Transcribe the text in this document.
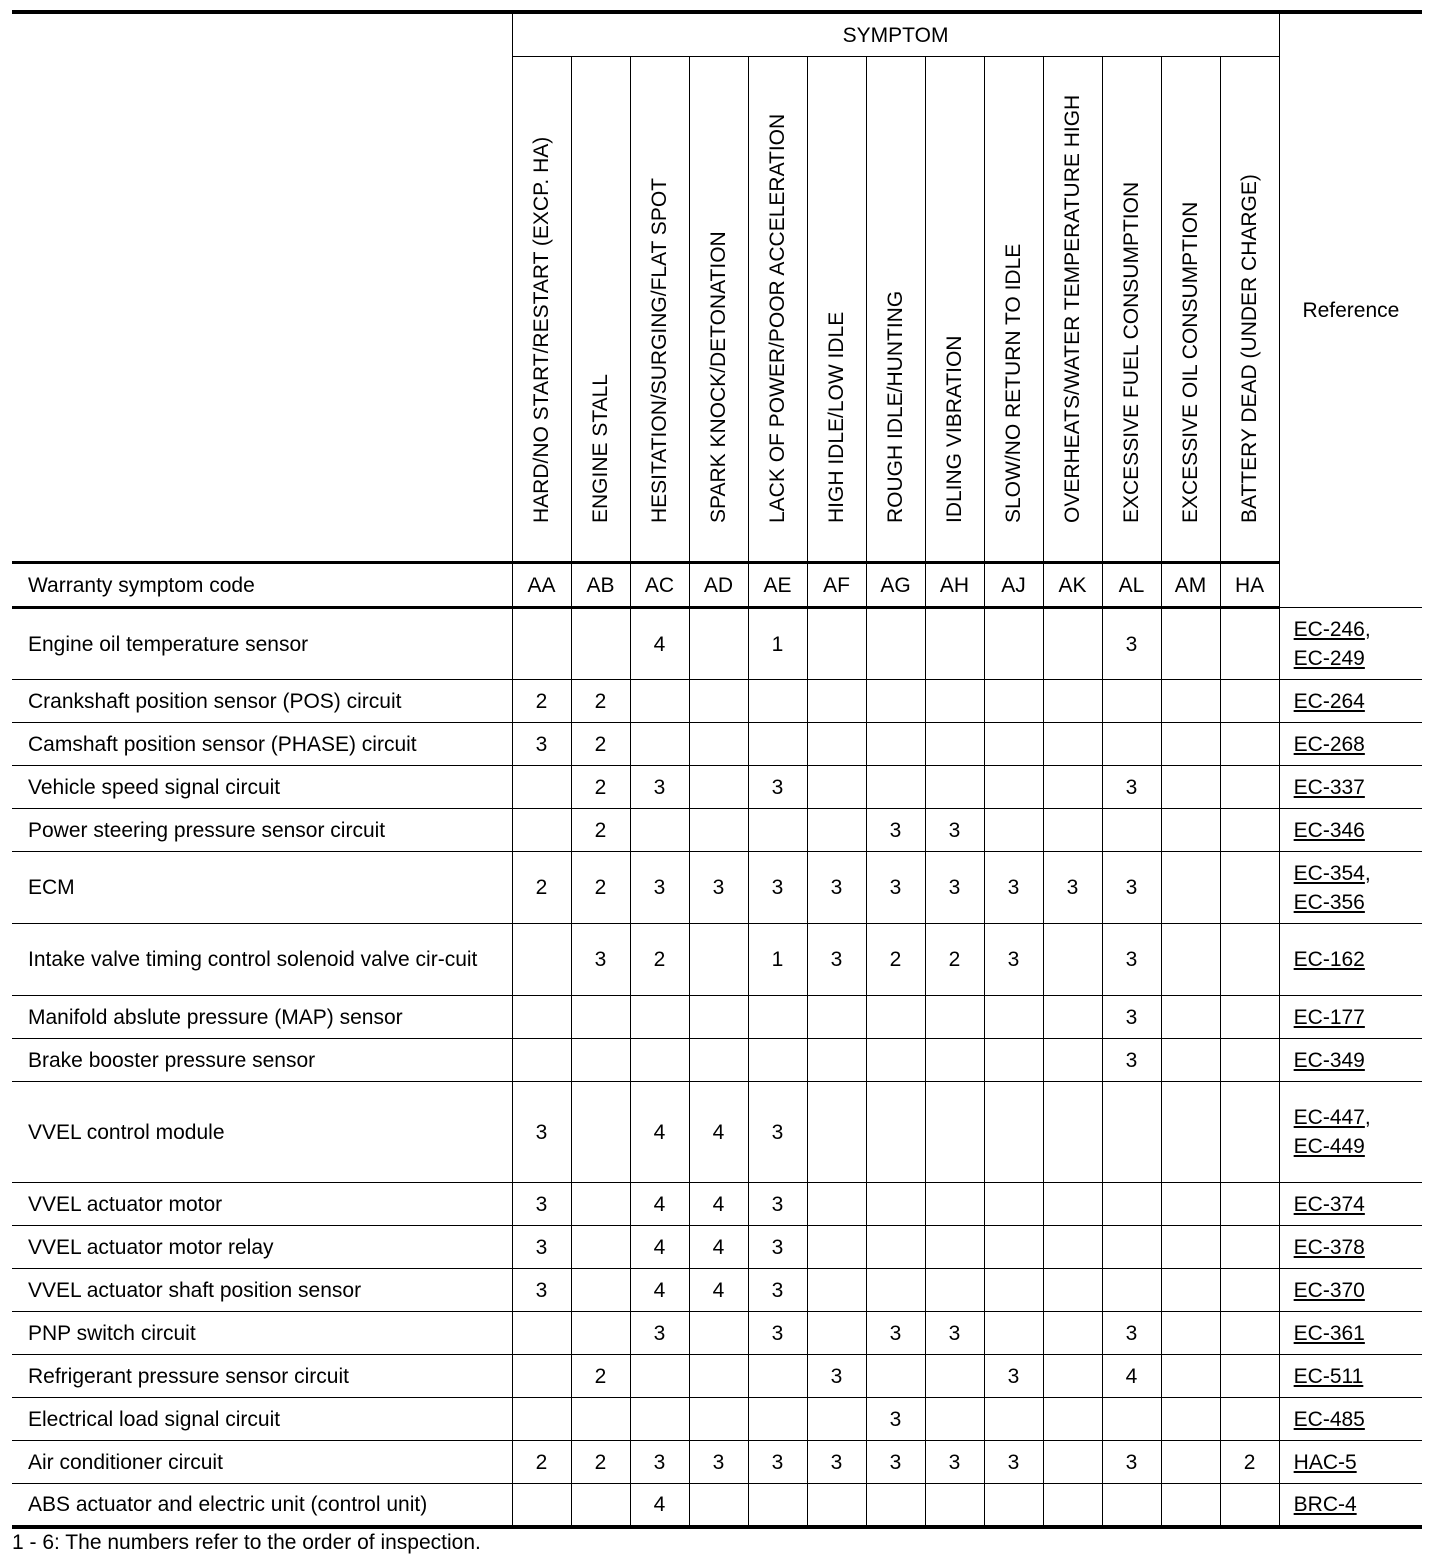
	SYMPTOM													Reference

	HARD/NO START/RESTART (EXCP. HA)	ENGINE STALL	HESITATION/SURGING/FLAT SPOT	SPARK KNOCK/DETONATION	LACK OF POWER/POOR ACCELERATION	HIGH IDLE/LOW IDLE	ROUGH IDLE/HUNTING	IDLING VIBRATION	SLOW/NO RETURN TO IDLE	OVERHEATS/WATER TEMPERATURE HIGH	EXCESSIVE FUEL CONSUMPTION	EXCESSIVE OIL CONSUMPTION	BATTERY DEAD (UNDER CHARGE)	

Warranty symptom code	AA	AB	AC	AD	AE	AF	AG	AH	AJ	AK	AL	AM	HA	
Engine oil temperature sensor			4		1						3			EC-246,
EC-249
Crankshaft position sensor (POS) circuit	2	2												EC-264
Camshaft position sensor (PHASE) circuit	3	2												EC-268
Vehicle speed signal circuit		2	3		3						3			EC-337
Power steering pressure sensor circuit		2					3	3						EC-346
ECM	2	2	3	3	3	3	3	3	3	3	3			EC-354,
EC-356
Intake valve timing control solenoid valve cir-cuit		3	2		1	3	2	2	3		3			EC-162
Manifold abslute pressure (MAP) sensor											3			EC-177
Brake booster pressure sensor											3			EC-349
VVEL control module	3		4	4	3									EC-447,
EC-449
VVEL actuator motor	3		4	4	3									EC-374
VVEL actuator motor relay	3		4	4	3									EC-378
VVEL actuator shaft position sensor	3		4	4	3									EC-370
PNP switch circuit			3		3		3	3			3			EC-361
Refrigerant pressure sensor circuit		2				3			3		4			EC-511
Electrical load signal circuit							3							EC-485
Air conditioner circuit	2	2	3	3	3	3	3	3	3		3		2	HAC-5
ABS actuator and electric unit (control unit)			4											BRC-4
1 - 6: The numbers refer to the order of inspection.
